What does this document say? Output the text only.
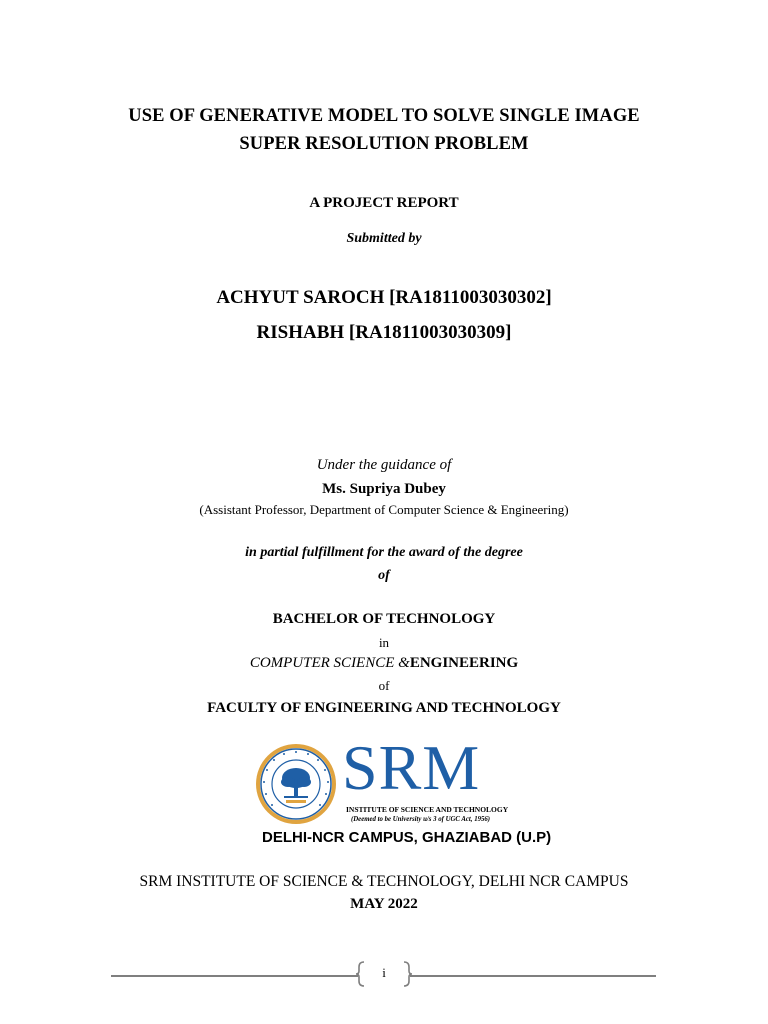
USE OF GENERATIVE MODEL TO SOLVE SINGLE IMAGE
SUPER RESOLUTION PROBLEM
A PROJECT REPORT
Submitted by
ACHYUT SAROCH [RA1811003030302]
RISHABH [RA1811003030309]
Under the guidance of
Ms. Supriya Dubey
(Assistant Professor, Department of Computer Science & Engineering)
in partial fulfillment for the award of the degree
of
BACHELOR OF TECHNOLOGY
in
COMPUTER SCIENCE &ENGINEERING
of
FACULTY OF ENGINEERING AND TECHNOLOGY
SRM
INSTITUTE OF SCIENCE AND TECHNOLOGY
(Deemed to be University u/s 3 of UGC Act, 1956)
DELHI-NCR CAMPUS, GHAZIABAD (U.P)
SRM INSTITUTE OF SCIENCE & TECHNOLOGY, DELHI NCR CAMPUS
MAY 2022
i
